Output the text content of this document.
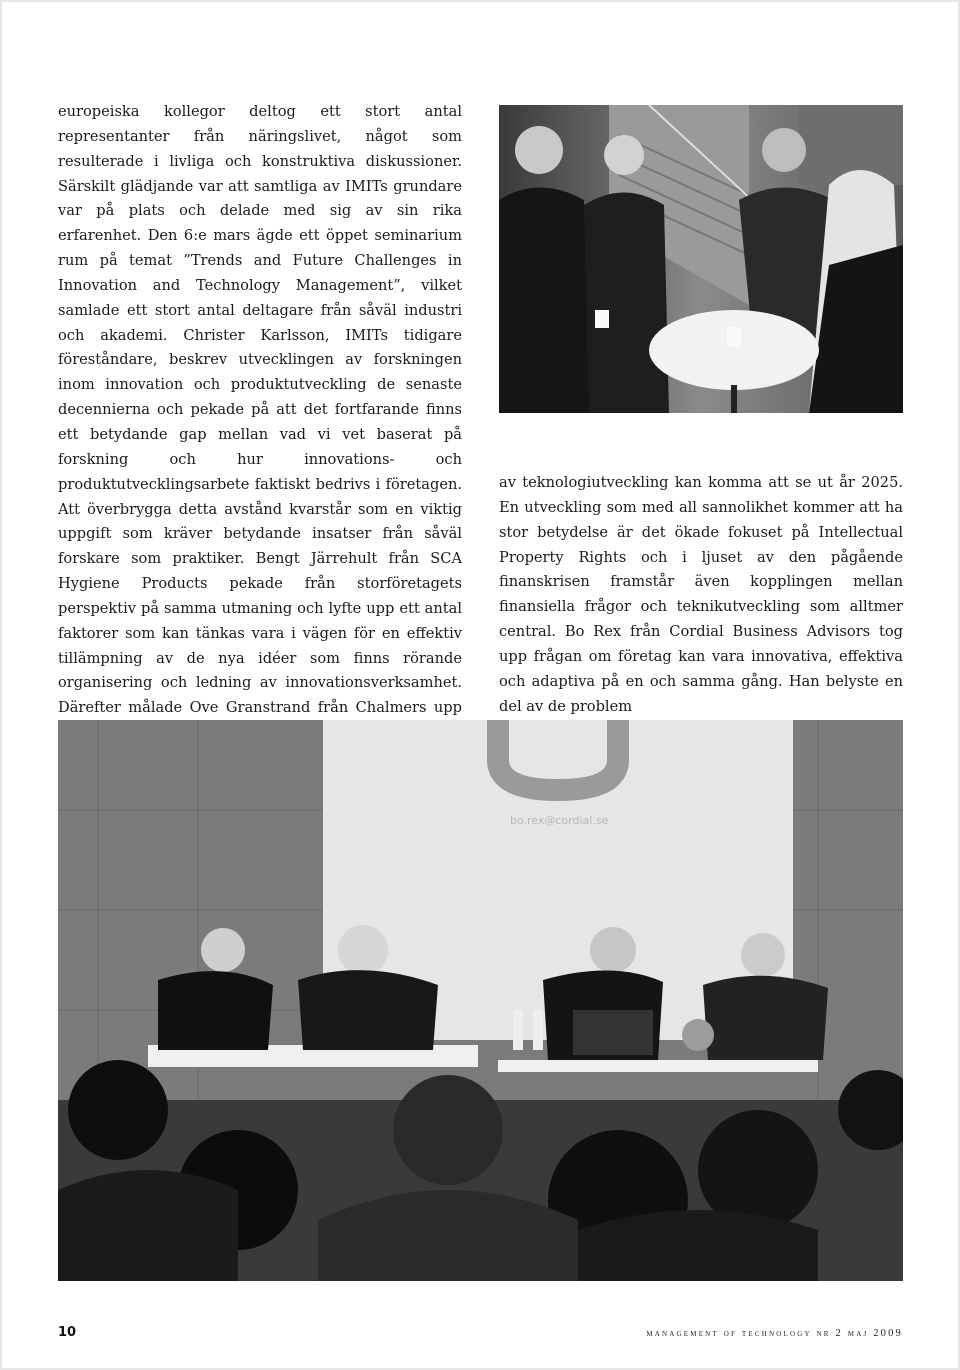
europeiska kollegor deltog ett stort antal representanter från näringslivet, något som resulterade i livliga och konstruktiva diskussioner. Särskilt glädjande var att samtliga av IMITs grundare var på plats och delade med sig av sin rika erfarenhet. Den 6:e mars ägde ett öppet seminarium rum på temat ”Trends and Future Challenges in Innovation and Technology Management”, vilket samlade ett stort antal deltagare från såväl industri och akademi. Christer Karlsson, IMITs tidigare föreståndare, beskrev utvecklingen av forskningen inom innovation och produktutveckling de senaste decennierna och pekade på att det fortfarande finns ett betydande gap mellan vad vi vet baserat på forskning och hur innovations- och produktutvecklingsarbete faktiskt bedrivs i företagen. Att överbrygga detta avstånd kvarstår som en viktig uppgift som kräver betydande insatser från såväl forskare som praktiker. Bengt Järrehult från SCA Hygiene Products pekade från storföretagets perspektiv på samma utmaning och lyfte upp ett antal faktorer som kan tänkas vara i vägen för en effektiv tillämpning av de nya idéer som finns rörande organisering och ledning av innovationsverksamhet. Därefter målade Ove Granstrand från Chalmers upp
av teknologiutveckling kan komma att se ut år 2025. En utveckling som med all sannolikhet kommer att ha stor betydelse är det ökade fokuset på Intellectual Property Rights och i ljuset av den pågående finanskrisen framstår även kopplingen mellan finansiella frågor och teknikutveckling som alltmer central. Bo Rex från Cordial Business Advisors tog upp frågan om företag kan vara innovativa, effektiva och adaptiva på en och samma gång. Han belyste en del av de problem
bo.rex@cordial.se
10	management of technology nr 2 maj 2009
